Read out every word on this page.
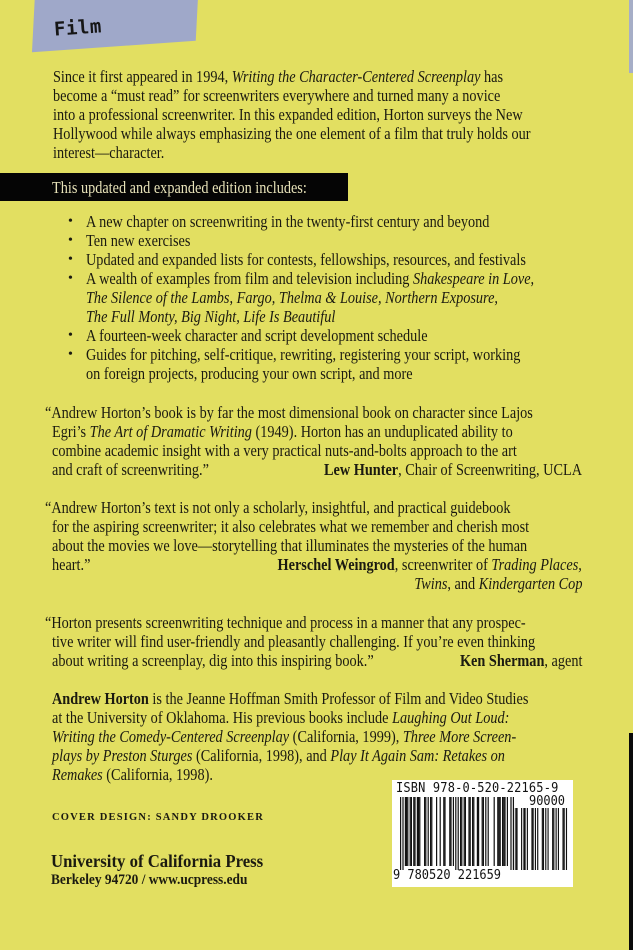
Film
Since it first appeared in 1994, Writing the Character-Centered Screenplay has
become a “must read” for screenwriters everywhere and turned many a novice
into a professional screenwriter. In this expanded edition, Horton surveys the New
Hollywood while always emphasizing the one element of a film that truly holds our
interest—character.
This updated and expanded edition includes:
• A new chapter on screenwriting in the twenty-first century and beyond
• Ten new exercises
• Updated and expanded lists for contests, fellowships, resources, and festivals
• A wealth of examples from film and television including Shakespeare in Love,
The Silence of the Lambs, Fargo, Thelma & Louise, Northern Exposure,
The Full Monty, Big Night, Life Is Beautiful
• A fourteen-week character and script development schedule
• Guides for pitching, self-critique, rewriting, registering your script, working
on foreign projects, producing your own script, and more
“Andrew Horton’s book is by far the most dimensional book on character since Lajos
Egri’s The Art of Dramatic Writing (1949). Horton has an unduplicated ability to
combine academic insight with a very practical nuts-and-bolts approach to the art
and craft of screenwriting.”	Lew Hunter, Chair of Screenwriting, UCLA
“Andrew Horton’s text is not only a scholarly, insightful, and practical guidebook
for the aspiring screenwriter; it also celebrates what we remember and cherish most
about the movies we love—storytelling that illuminates the mysteries of the human
heart.”
Twins, and Kindergarten Cop
Herschel Weingrod, screenwriter of Trading Places,
“Horton presents screenwriting technique and process in a manner that any prospec-
tive writer will find user-friendly and pleasantly challenging. If you’re even thinking
about writing a screenplay, dig into this inspiring book.”	Ken Sherman, agent
Andrew Horton is the Jeanne Hoffman Smith Professor of Film and Video Studies
at the University of Oklahoma. His previous books include Laughing Out Loud:
Writing the Comedy-Centered Screenplay (California, 1999), Three More Screen-
plays by Preston Sturges (California, 1998), and Play It Again Sam: Retakes on
Remakes (California, 1998).
COVER DESIGN: SANDY DROOKER
University of California Press
Berkeley 94720 / www.ucpress.edu
ISBN 978-0-520-22165-9
90000
9 780520 221659
